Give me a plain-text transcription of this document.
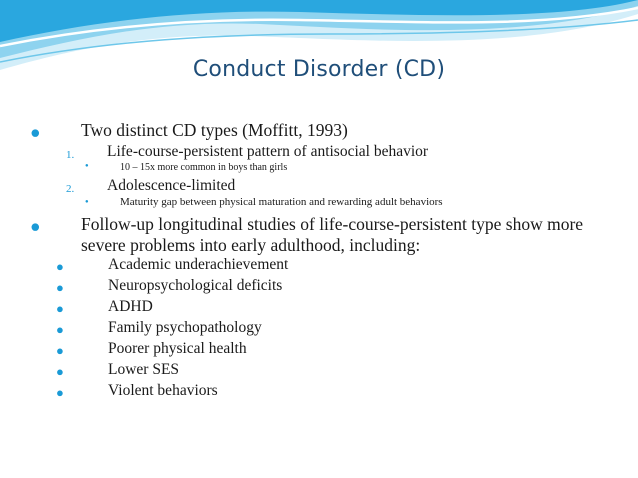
Conduct Disorder (CD)
● Two distinct CD types (Moffitt, 1993)
1. Life-course-persistent pattern of antisocial behavior
●	10 – 15x more common in boys than girls
2. Adolescence-limited
●	Maturity gap between physical maturation and rewarding adult behaviors
● Follow-up longitudinal studies of life-course-persistent type show more severe problems into early adulthood, including:
●	Academic underachievement
●	Neuropsychological deficits
●	ADHD
●	Family psychopathology
●	Poorer physical health
●	Lower SES
●	Violent behaviors
